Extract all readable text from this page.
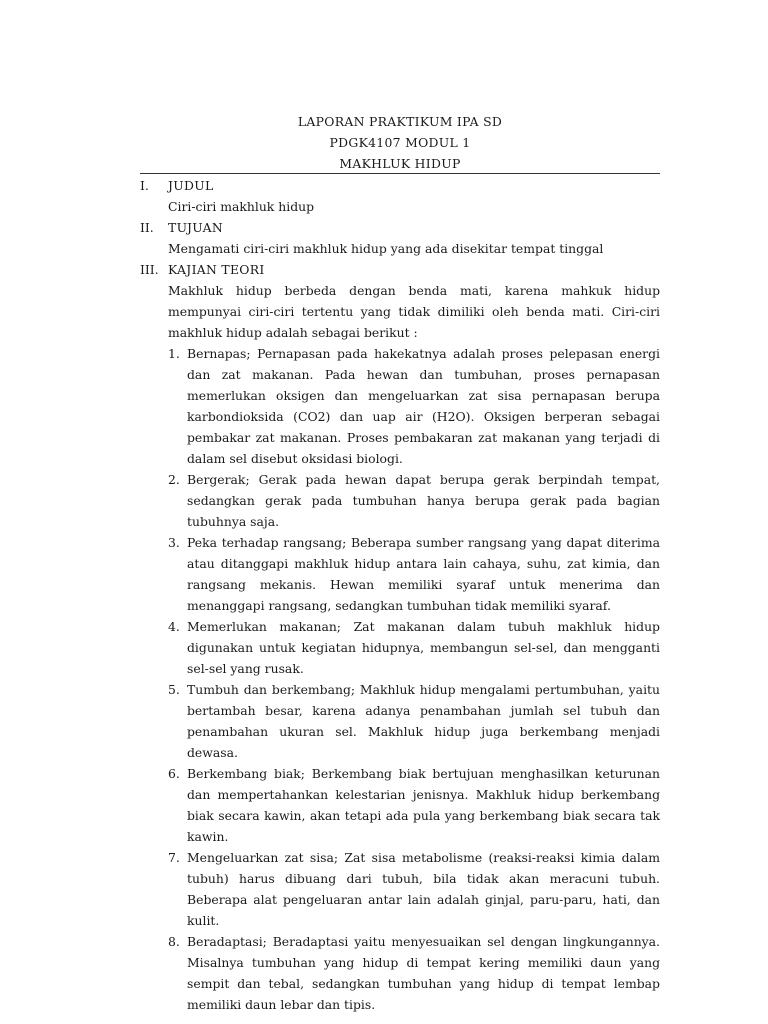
LAPORAN PRAKTIKUM IPA SD
PDGK4107 MODUL 1
MAKHLUK HIDUP
I.	JUDUL
Ciri-ciri makhluk hidup
II.	TUJUAN
Mengamati ciri-ciri makhluk hidup yang ada disekitar tempat tinggal
III. KAJIAN TEORI
Makhluk hidup berbeda dengan benda mati, karena mahkuk hidup mempunyai ciri-ciri tertentu yang tidak dimiliki oleh benda mati. Ciri-ciri makhluk hidup adalah sebagai berikut :
1. Bernapas; Pernapasan pada hakekatnya adalah proses pelepasan energi dan zat makanan. Pada hewan dan tumbuhan, proses pernapasan memerlukan oksigen dan mengeluarkan zat sisa pernapasan berupa karbondioksida (CO2) dan uap air (H2O). Oksigen berperan sebagai pembakar zat makanan. Proses pembakaran zat makanan yang terjadi di dalam sel disebut oksidasi biologi.
2. Bergerak; Gerak pada hewan dapat berupa gerak berpindah tempat, sedangkan gerak pada tumbuhan hanya berupa gerak pada bagian tubuhnya saja.
3. Peka terhadap rangsang; Beberapa sumber rangsang yang dapat diterima atau ditanggapi makhluk hidup antara lain cahaya, suhu, zat kimia, dan rangsang mekanis. Hewan memiliki syaraf untuk menerima dan menanggapi rangsang, sedangkan tumbuhan tidak memiliki syaraf.
4. Memerlukan makanan; Zat makanan dalam tubuh makhluk hidup digunakan untuk kegiatan hidupnya, membangun sel-sel, dan mengganti sel-sel yang rusak.
5. Tumbuh dan berkembang; Makhluk hidup mengalami pertumbuhan, yaitu bertambah besar, karena adanya penambahan jumlah sel tubuh dan penambahan ukuran sel. Makhluk hidup juga berkembang menjadi dewasa.
6. Berkembang biak; Berkembang biak bertujuan menghasilkan keturunan dan mempertahankan kelestarian jenisnya. Makhluk hidup berkembang biak secara kawin, akan tetapi ada pula yang berkembang biak secara tak kawin.
7. Mengeluarkan zat sisa; Zat sisa metabolisme (reaksi-reaksi kimia dalam tubuh) harus dibuang dari tubuh, bila tidak akan meracuni tubuh. Beberapa alat pengeluaran antar lain adalah ginjal, paru-paru, hati, dan kulit.
8. Beradaptasi; Beradaptasi yaitu menyesuaikan sel dengan lingkungannya. Misalnya tumbuhan yang hidup di tempat kering memiliki daun yang sempit dan tebal, sedangkan tumbuhan yang hidup di tempat lembap memiliki daun lebar dan tipis.
